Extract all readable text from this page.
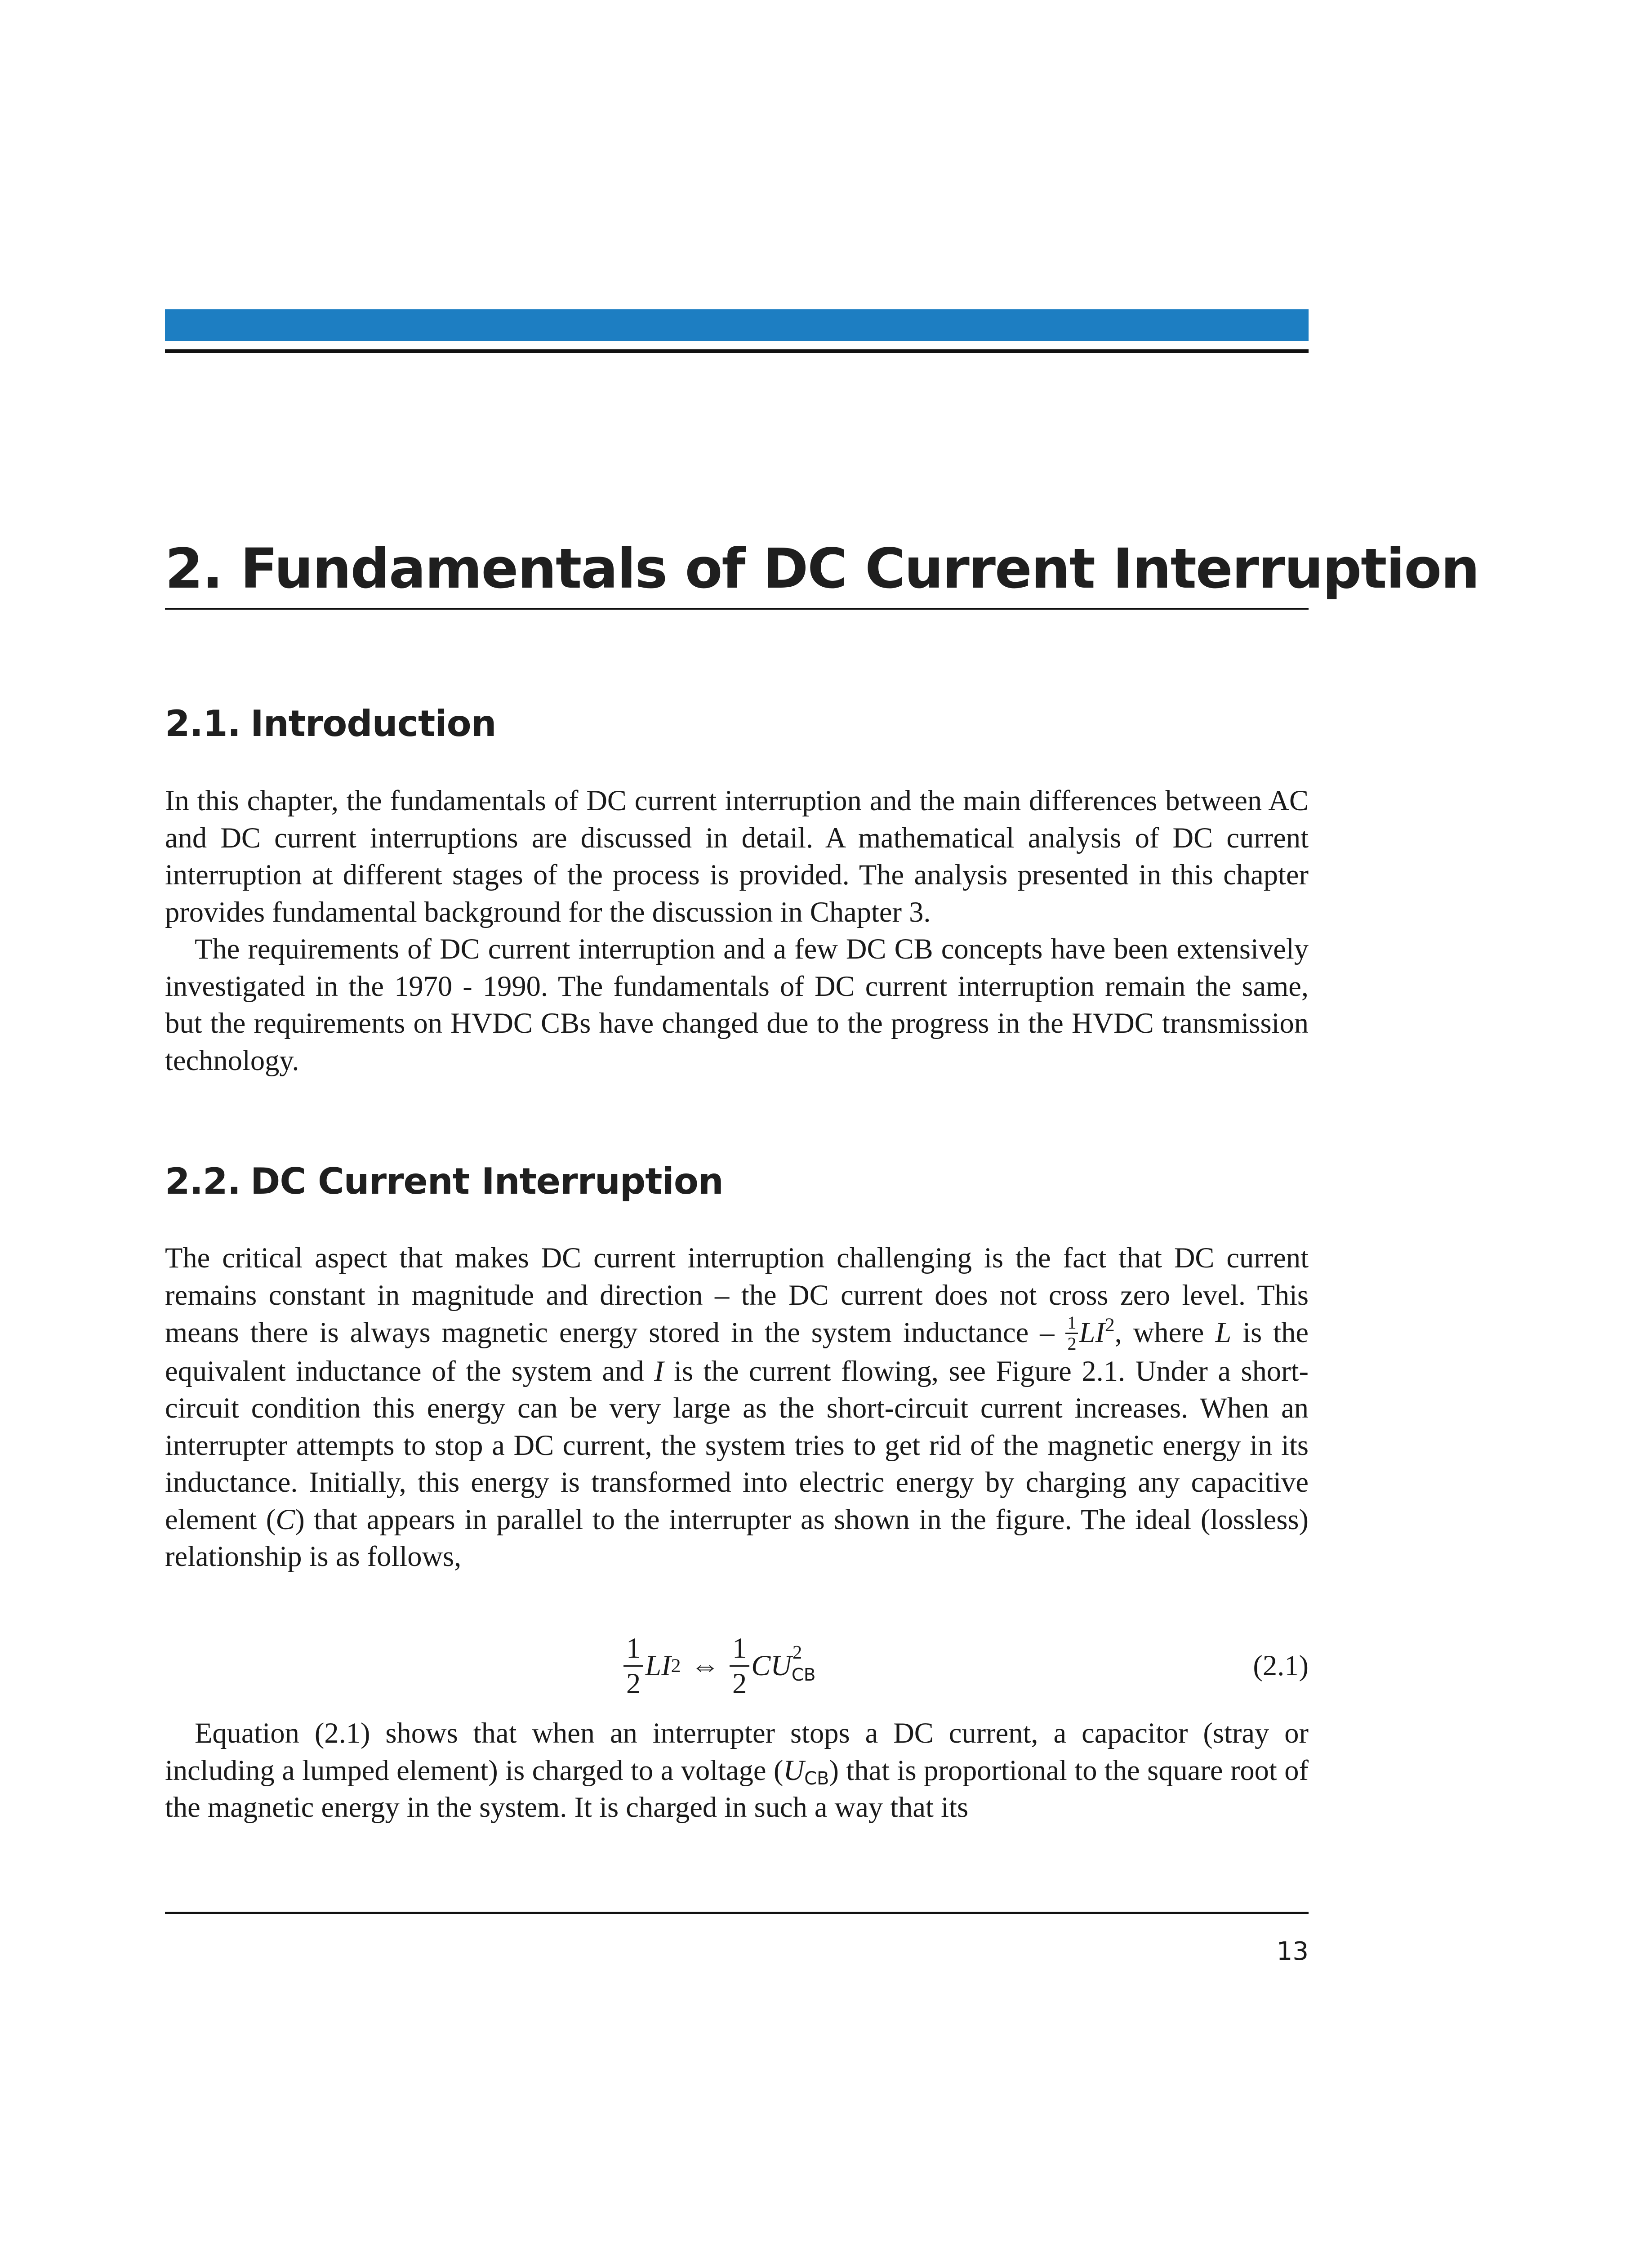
2. Fundamentals of DC Current Interruption
2.1. Introduction

In this chapter, the fundamentals of DC current interruption and the main differences between AC and DC current interruptions are discussed in detail. A mathematical analysis of DC current interruption at different stages of the process is provided. The analysis presented in this chapter provides fundamental background for the discussion in Chapter 3.

The requirements of DC current interruption and a few DC CB concepts have been extensively investigated in the 1970 - 1990. The fundamentals of DC current interruption remain the same, but the requirements on HVDC CBs have changed due to the progress in the HVDC transmission technology.

2.2. DC Current Interruption

The critical aspect that makes DC current interruption challenging is the fact that DC current remains constant in magnitude and direction – the DC current does not cross zero level. This means there is always magnetic energy stored in the system inductance – $\frac{1}{2} LI^2$, where L is the equivalent inductance of the system and I is the current flowing, see Figure 2.1. Under a short-circuit condition this energy can be very large as the short-circuit current increases. When an interrupter attempts to stop a DC current, the system tries to get rid of the magnetic energy in its inductance. Initially, this energy is transformed into electric energy by charging any capacitive element (C) that appears in parallel to the interrupter as shown in the figure. The ideal (lossless) relationship is as follows,

$\frac{1}{2}$ LI 2 ⇔ $\frac{1}{2}$ CU 2
CB	(2.1)

Equation (2.1) shows that when an interrupter stops a DC current, a capacitor (stray or including a lumped element) is charged to a voltage (UCB) that is proportional to the square root of the magnetic energy in the system. It is charged in such a way that its

13
